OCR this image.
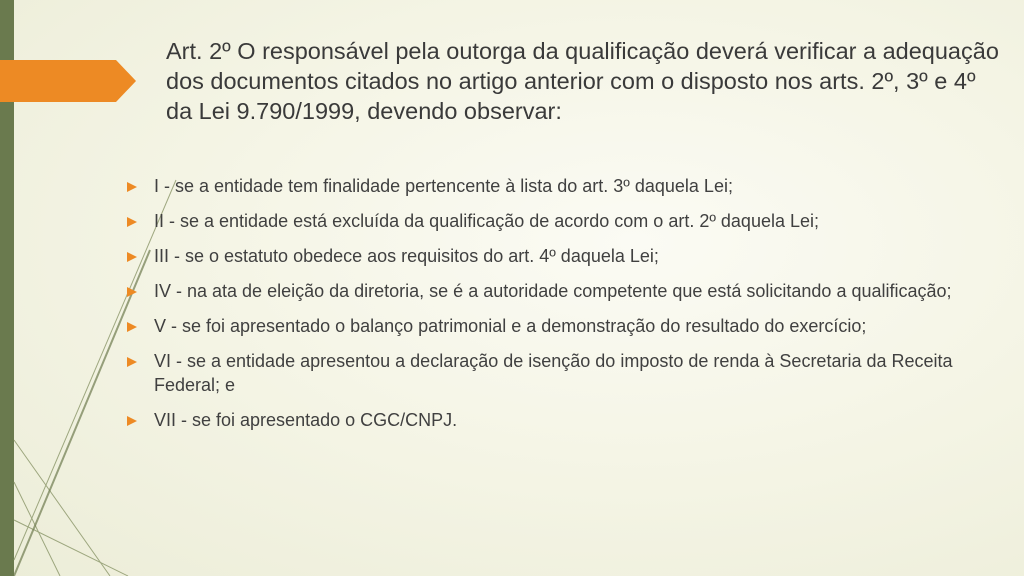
Art. 2º O responsável pela outorga da qualificação deverá verificar a adequação dos documentos citados no artigo anterior com o disposto nos arts. 2º, 3º e 4º da Lei 9.790/1999, devendo observar:
I - se a entidade tem finalidade pertencente à lista do art. 3º daquela Lei;
II - se a entidade está excluída da qualificação de acordo com o art. 2º daquela Lei;
III - se o estatuto obedece aos requisitos do art. 4º daquela Lei;
IV - na ata de eleição da diretoria, se é a autoridade competente que está solicitando a qualificação;
V - se foi apresentado o balanço patrimonial e a demonstração do resultado do exercício;
VI - se a entidade apresentou a declaração de isenção do imposto de renda à Secretaria da Receita Federal; e
VII - se foi apresentado o CGC/CNPJ.
